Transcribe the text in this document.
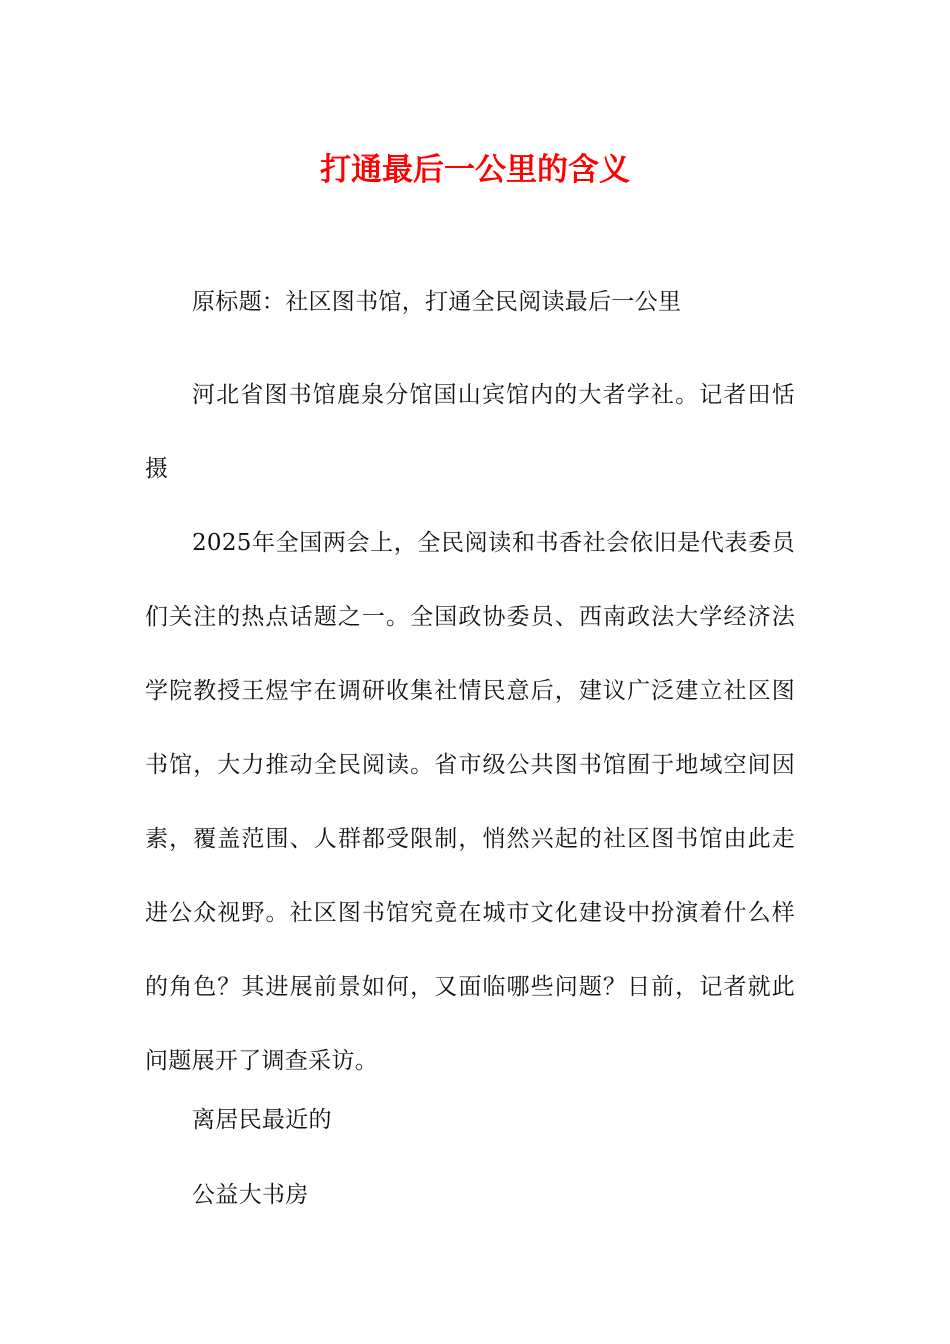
打通最后一公里的含义

原标题：社区图书馆，打通全民阅读最后一公里

河北省图书馆鹿泉分馆国山宾馆内的大者学社。记者田恬摄

2025年全国两会上，全民阅读和书香社会依旧是代表委员们关注的热点话题之一。全国政协委员、西南政法大学经济法学院教授王煜宇在调研收集社情民意后，建议广泛建立社区图书馆，大力推动全民阅读。省市级公共图书馆囿于地域空间因素，覆盖范围、人群都受限制，悄然兴起的社区图书馆由此走进公众视野。社区图书馆究竟在城市文化建设中扮演着什么样的角色？其进展前景如何，又面临哪些问题？日前，记者就此问题展开了调查采访。

离居民最近的

公益大书房
